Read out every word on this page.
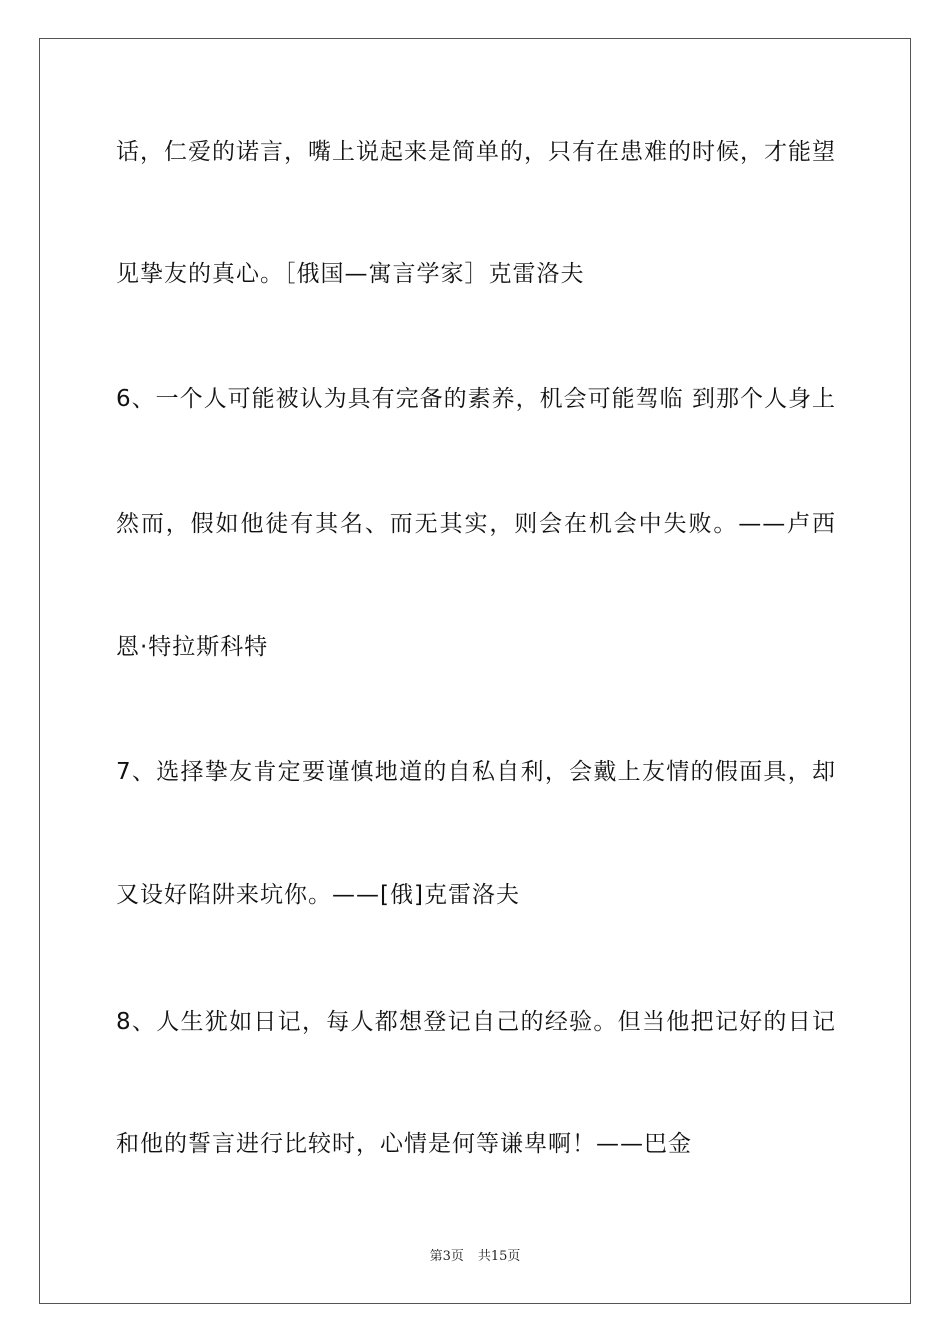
话，仁爱的诺言，嘴上说起来是简单的，只有在患难的时候，才能望
见挚友的真心。［俄国—寓言学家］克雷洛夫
6、一个人可能被认为具有完备的素养，机会可能驾临 到那个人身上
然而，假如他徒有其名、而无其实，则会在机会中失败。——卢西
恩·特拉斯科特
7、选择挚友肯定要谨慎地道的自私自利，会戴上友情的假面具，却
又设好陷阱来坑你。——[俄]克雷洛夫
8、人生犹如日记，每人都想登记自己的经验。但当他把记好的日记
和他的誓言进行比较时，心情是何等谦卑啊！——巴金
第3页 共15页
